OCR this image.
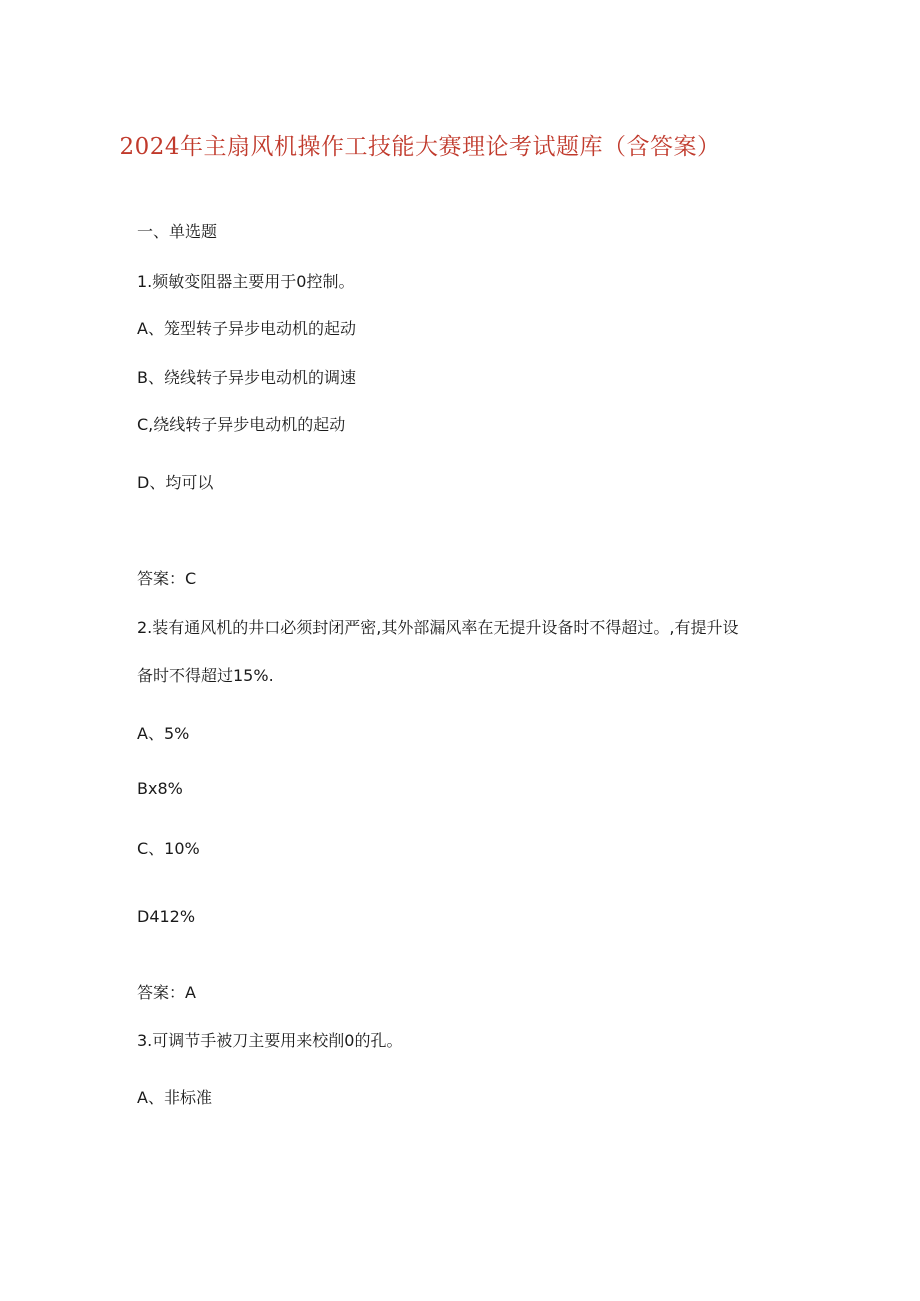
2024年主扇风机操作工技能大赛理论考试题库（含答案）
一、单选题
1.频敏变阻器主要用于0控制。
A、笼型转子异步电动机的起动
B、绕线转子异步电动机的调速
C,绕线转子异步电动机的起动
D、均可以
答案：C
2.装有通风机的井口必须封闭严密,其外部漏风率在无提升设备时不得超过。,有提升设
备时不得超过15%.
A、5%
Bx8%
C、10%
D412%
答案：A
3.可调节手被刀主要用来校削0的孔。
A、非标准
